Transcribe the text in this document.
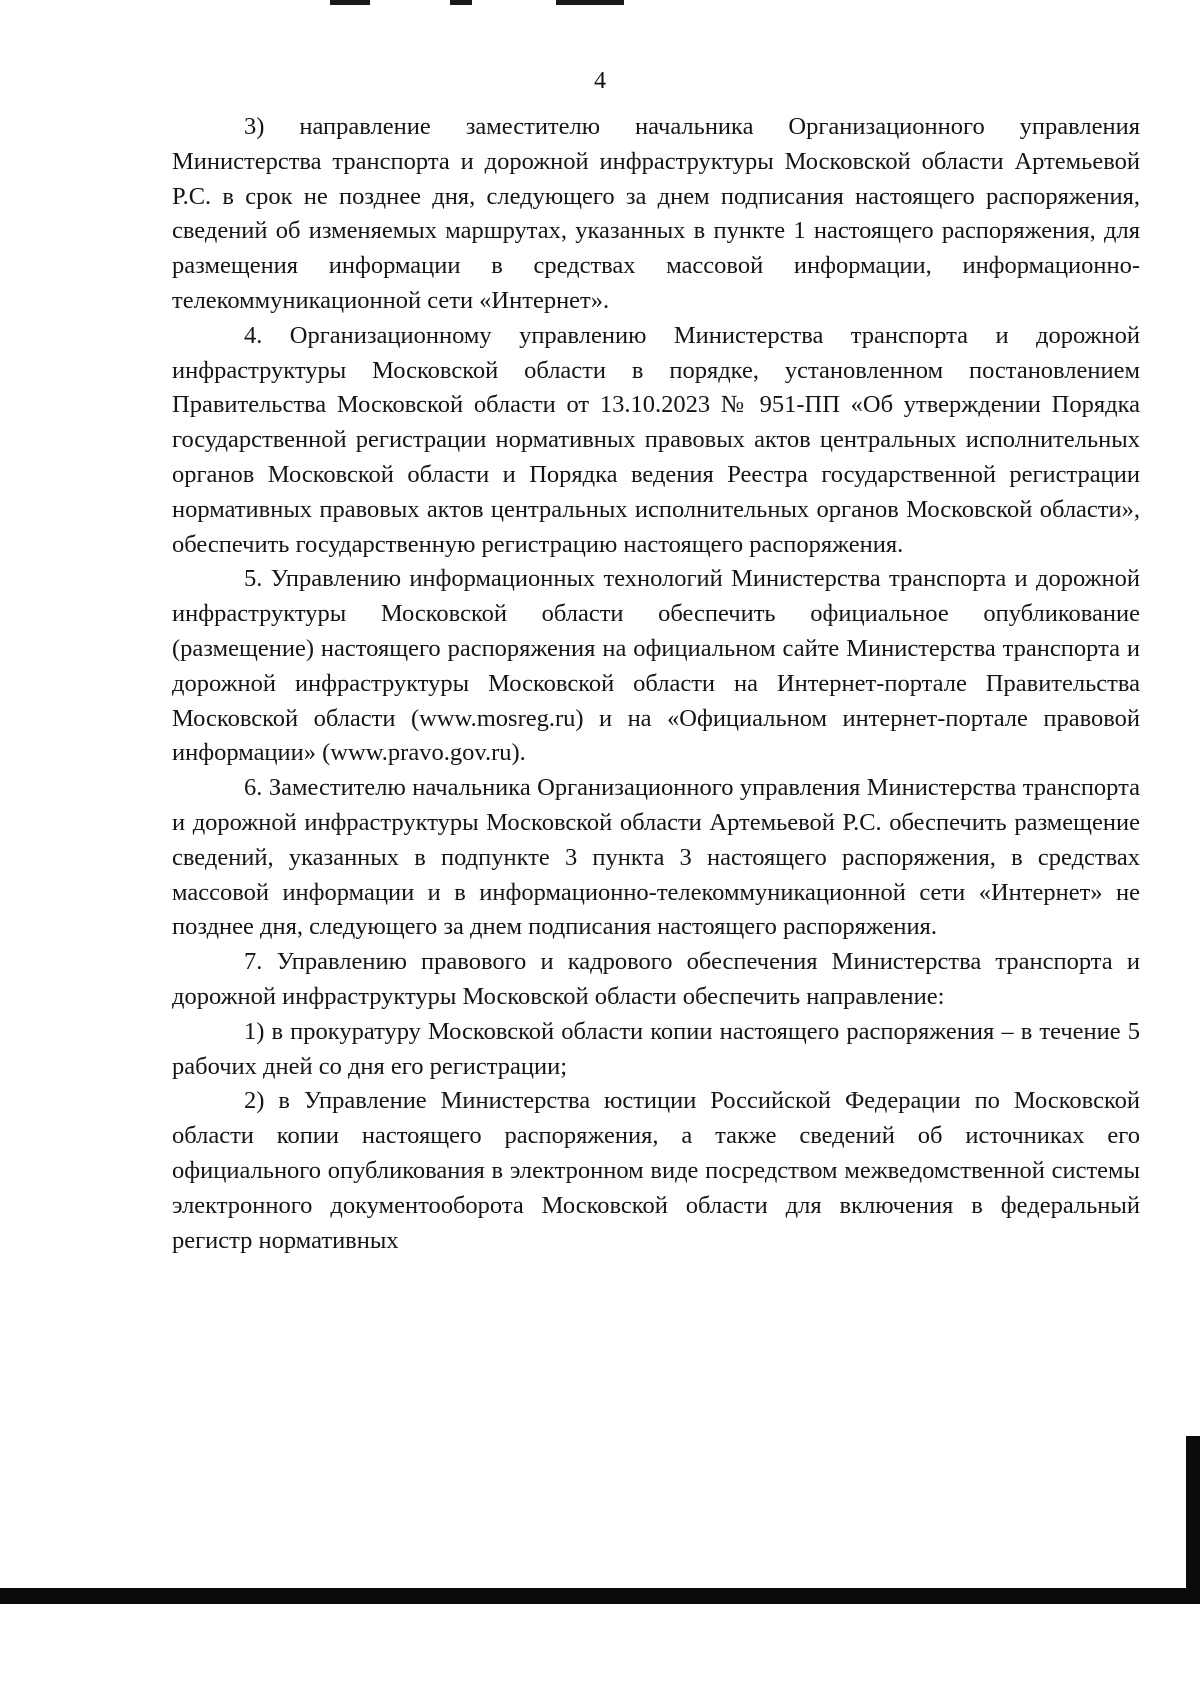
4

3) направление заместителю начальника Организационного управления Министерства транспорта и дорожной инфраструктуры Московской области Артемьевой Р.С. в срок не позднее дня, следующего за днем подписания настоящего распоряжения, сведений об изменяемых маршрутах, указанных в пункте 1 настоящего распоряжения, для размещения информации в средствах массовой информации, информационно-телекоммуникационной сети «Интернет».

4. Организационному управлению Министерства транспорта и дорожной инфраструктуры Московской области в порядке, установленном постановлением Правительства Московской области от 13.10.2023 № 951-ПП «Об утверждении Порядка государственной регистрации нормативных правовых актов центральных исполнительных органов Московской области и Порядка ведения Реестра государственной регистрации нормативных правовых актов центральных исполнительных органов Московской области», обеспечить государственную регистрацию настоящего распоряжения.

5. Управлению информационных технологий Министерства транспорта и дорожной инфраструктуры Московской области обеспечить официальное опубликование (размещение) настоящего распоряжения на официальном сайте Министерства транспорта и дорожной инфраструктуры Московской области на Интернет-портале Правительства Московской области (www.mosreg.ru) и на «Официальном интернет-портале правовой информации» (www.pravo.gov.ru).

6. Заместителю начальника Организационного управления Министерства транспорта и дорожной инфраструктуры Московской области Артемьевой Р.С. обеспечить размещение сведений, указанных в подпункте 3 пункта 3 настоящего распоряжения, в средствах массовой информации и в информационно-телекоммуникационной сети «Интернет» не позднее дня, следующего за днем подписания настоящего распоряжения.

7. Управлению правового и кадрового обеспечения Министерства транспорта и дорожной инфраструктуры Московской области обеспечить направление:

1) в прокуратуру Московской области копии настоящего распоряжения – в течение 5 рабочих дней со дня его регистрации;

2) в Управление Министерства юстиции Российской Федерации по Московской области копии настоящего распоряжения, а также сведений об источниках его официального опубликования в электронном виде посредством межведомственной системы электронного документооборота Московской области для включения в федеральный регистр нормативных
